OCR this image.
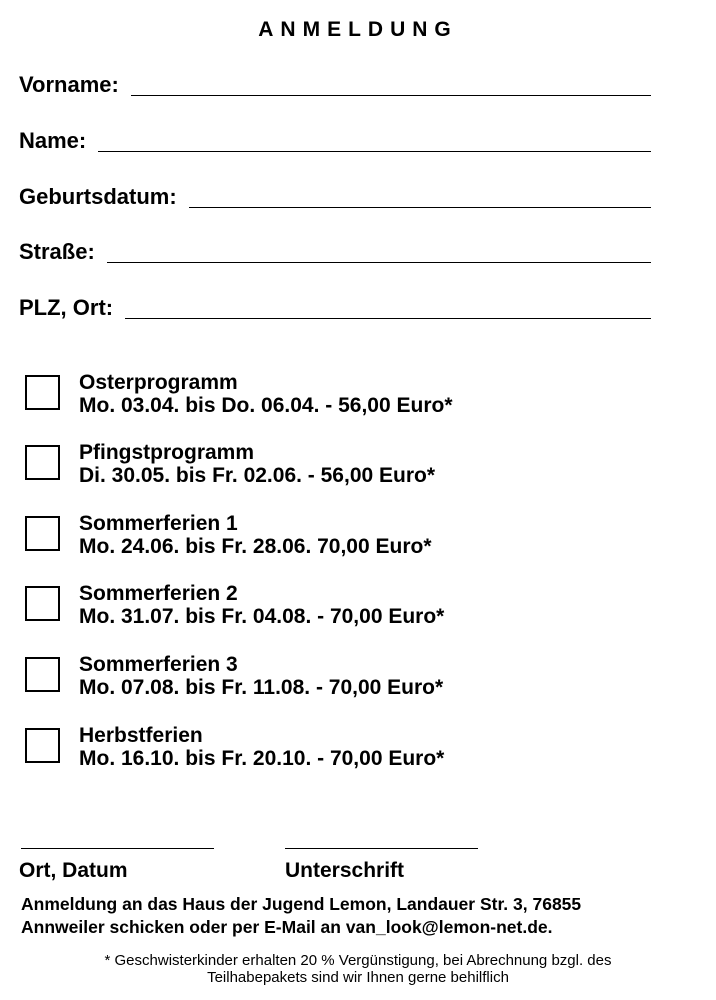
ANMELDUNG
Vorname:
Name:
Geburtsdatum:
Straße:
PLZ, Ort:
Osterprogramm
Mo. 03.04. bis Do. 06.04. - 56,00 Euro*
Pfingstprogramm
Di. 30.05. bis Fr. 02.06. - 56,00 Euro*
Sommerferien 1
Mo. 24.06. bis Fr. 28.06. 70,00 Euro*
Sommerferien 2
Mo. 31.07. bis Fr. 04.08. - 70,00 Euro*
Sommerferien 3
Mo. 07.08. bis Fr. 11.08. - 70,00 Euro*
Herbstferien
Mo. 16.10. bis Fr. 20.10. - 70,00 Euro*
Ort, Datum	Unterschrift
Anmeldung an das Haus der Jugend Lemon, Landauer Str. 3, 76855
Annweiler schicken oder per E-Mail an van_look@lemon-net.de.
* Geschwisterkinder erhalten 20 % Vergünstigung, bei Abrechnung bzgl. des
Teilhabepakets sind wir Ihnen gerne behilflich
